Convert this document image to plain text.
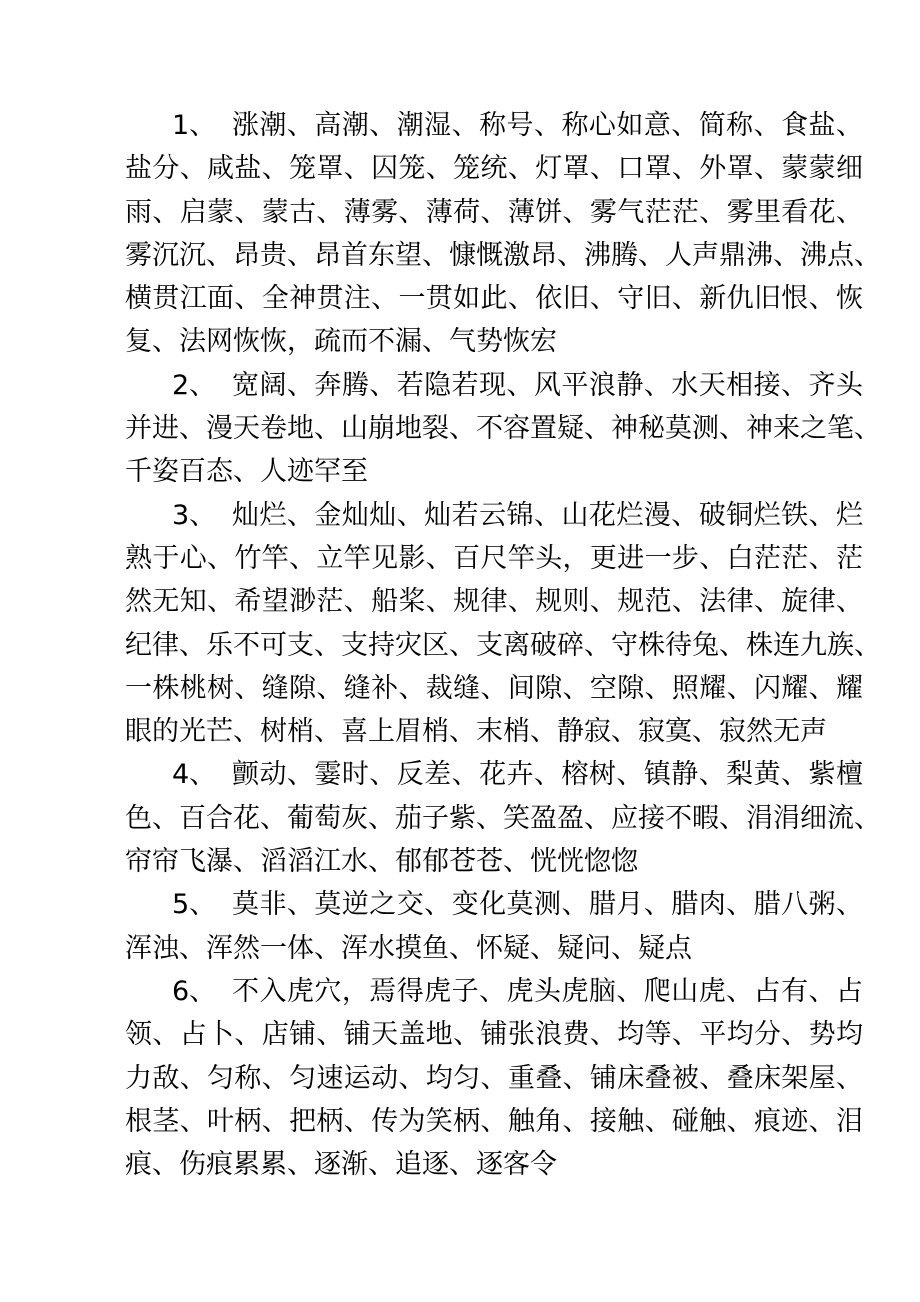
1、 涨潮、高潮、潮湿、称号、称心如意、简称、食盐、
盐分、咸盐、笼罩、囚笼、笼统、灯罩、口罩、外罩、蒙蒙细
雨、启蒙、蒙古、薄雾、薄荷、薄饼、雾气茫茫、雾里看花、
雾沉沉、昂贵、昂首东望、慷慨激昂、沸腾、人声鼎沸、沸点、
横贯江面、全神贯注、一贯如此、依旧、守旧、新仇旧恨、恢
复、法网恢恢，疏而不漏、气势恢宏
2、 宽阔、奔腾、若隐若现、风平浪静、水天相接、齐头
并进、漫天卷地、山崩地裂、不容置疑、神秘莫测、神来之笔、
千姿百态、人迹罕至
3、 灿烂、金灿灿、灿若云锦、山花烂漫、破铜烂铁、烂
熟于心、竹竿、立竿见影、百尺竿头，更进一步、白茫茫、茫
然无知、希望渺茫、船桨、规律、规则、规范、法律、旋律、
纪律、乐不可支、支持灾区、支离破碎、守株待兔、株连九族、
一株桃树、缝隙、缝补、裁缝、间隙、空隙、照耀、闪耀、耀
眼的光芒、树梢、喜上眉梢、末梢、静寂、寂寞、寂然无声
4、 颤动、霎时、反差、花卉、榕树、镇静、梨黄、紫檀
色、百合花、葡萄灰、茄子紫、笑盈盈、应接不暇、涓涓细流、
帘帘飞瀑、滔滔江水、郁郁苍苍、恍恍惚惚
5、 莫非、莫逆之交、变化莫测、腊月、腊肉、腊八粥、
浑浊、浑然一体、浑水摸鱼、怀疑、疑问、疑点
6、 不入虎穴，焉得虎子、虎头虎脑、爬山虎、占有、占
领、占卜、店铺、铺天盖地、铺张浪费、均等、平均分、势均
力敌、匀称、匀速运动、均匀、重叠、铺床叠被、叠床架屋、
根茎、叶柄、把柄、传为笑柄、触角、接触、碰触、痕迹、泪
痕、伤痕累累、逐渐、追逐、逐客令
